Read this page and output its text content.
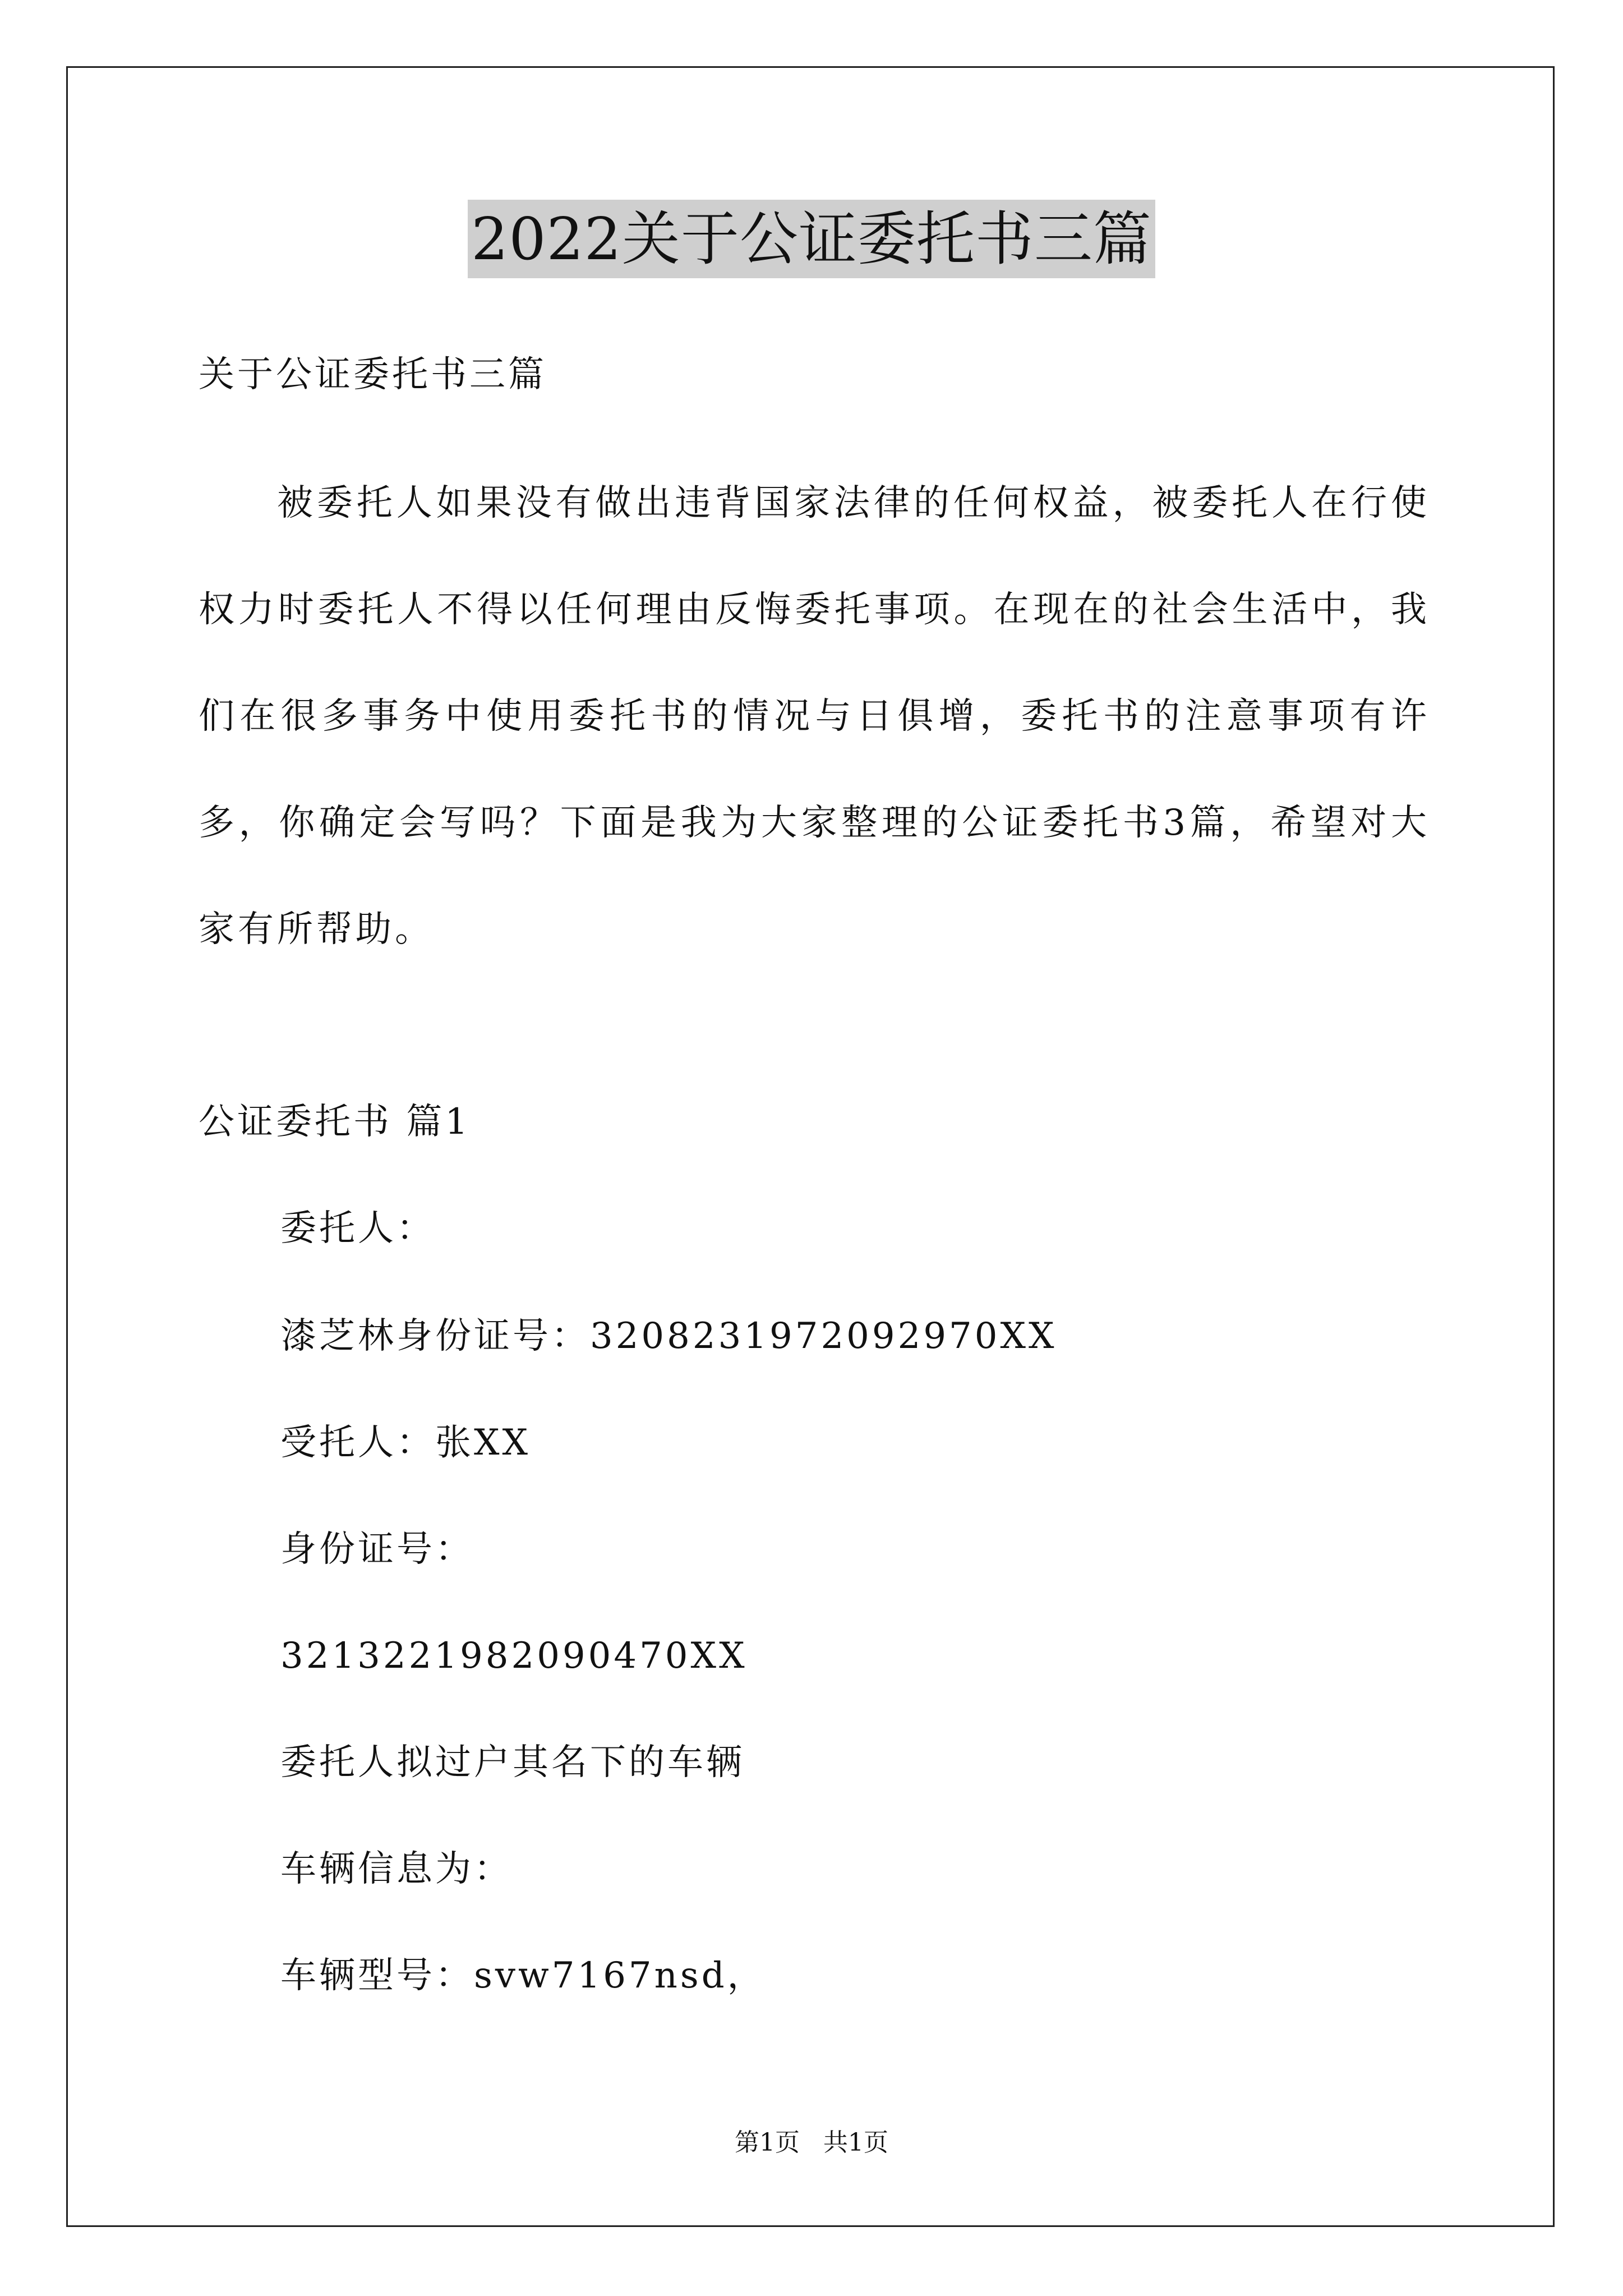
2022关于公证委托书三篇
关于公证委托书三篇

被委托人如果没有做出违背国家法律的任何权益，被委托人在行使权力时委托人不得以任何理由反悔委托事项。在现在的社会生活中，我们在很多事务中使用委托书的情况与日俱增，委托书的注意事项有许多，你确定会写吗？下面是我为大家整理的公证委托书3篇，希望对大家有所帮助。

公证委托书 篇1
委托人：
漆芝林身份证号：3208231972092970XX
受托人：张XX
身份证号：
3213221982090470XX
委托人拟过户其名下的车辆
车辆信息为：
车辆型号：svw7167nsd，
第1页 共1页
